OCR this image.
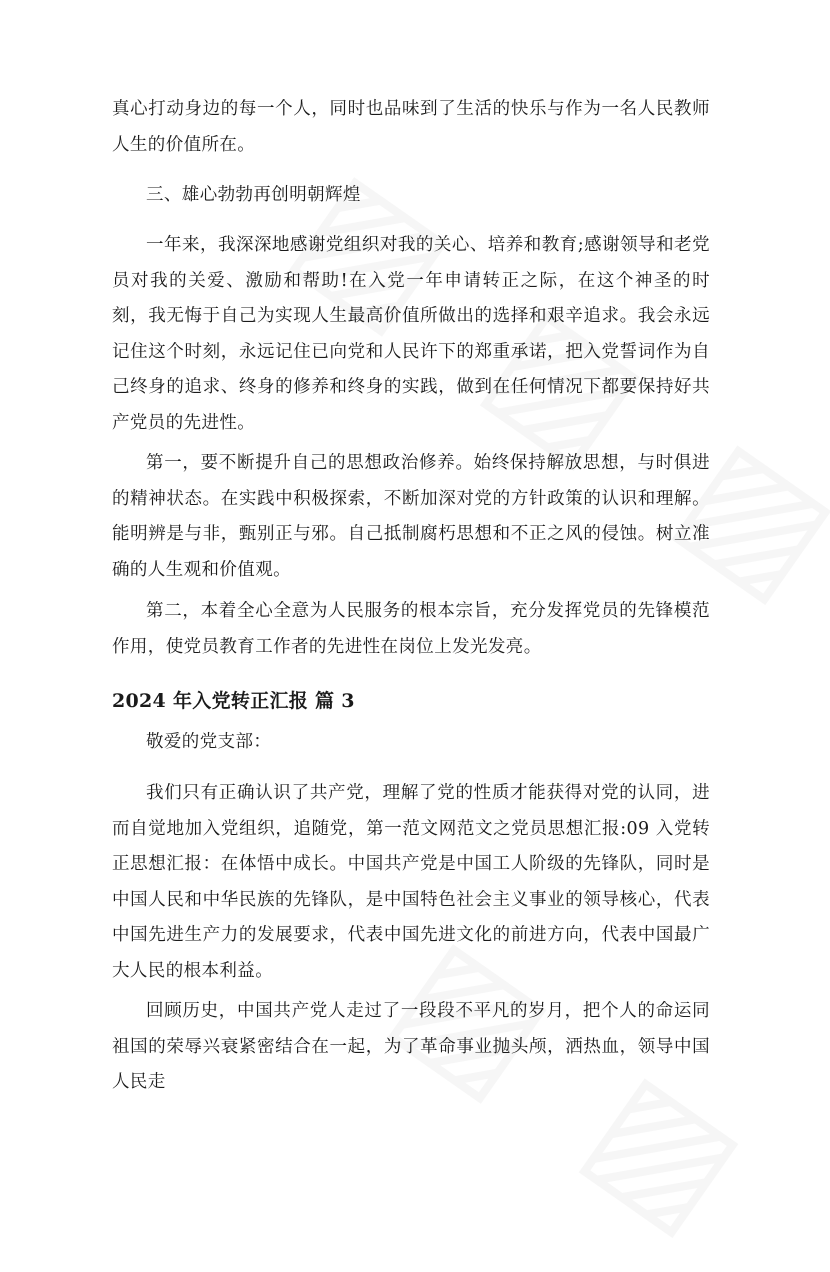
真心打动身边的每一个人，同时也品味到了生活的快乐与作为一名人民教师人生的价值所在。

三、雄心勃勃再创明朝辉煌

一年来，我深深地感谢党组织对我的关心、培养和教育;感谢领导和老党员对我的关爱、激励和帮助!在入党一年申请转正之际，在这个神圣的时刻，我无悔于自己为实现人生最高价值所做出的选择和艰辛追求。我会永远记住这个时刻，永远记住已向党和人民许下的郑重承诺，把入党誓词作为自己终身的追求、终身的修养和终身的实践，做到在任何情况下都要保持好共产党员的先进性。

第一，要不断提升自己的思想政治修养。始终保持解放思想，与时俱进的精神状态。在实践中积极探索，不断加深对党的方针政策的认识和理解。能明辨是与非，甄别正与邪。自己抵制腐朽思想和不正之风的侵蚀。树立准确的人生观和价值观。

第二，本着全心全意为人民服务的根本宗旨，充分发挥党员的先锋模范作用，使党员教育工作者的先进性在岗位上发光发亮。

2024 年入党转正汇报 篇 3

敬爱的党支部：

我们只有正确认识了共产党，理解了党的性质才能获得对党的认同，进而自觉地加入党组织，追随党，第一范文网范文之党员思想汇报:09 入党转正思想汇报：在体悟中成长。中国共产党是中国工人阶级的先锋队，同时是中国人民和中华民族的先锋队，是中国特色社会主义事业的领导核心，代表中国先进生产力的发展要求，代表中国先进文化的前进方向，代表中国最广大人民的根本利益。

回顾历史，中国共产党人走过了一段段不平凡的岁月，把个人的命运同祖国的荣辱兴衰紧密结合在一起，为了革命事业抛头颅，洒热血，领导中国人民走
